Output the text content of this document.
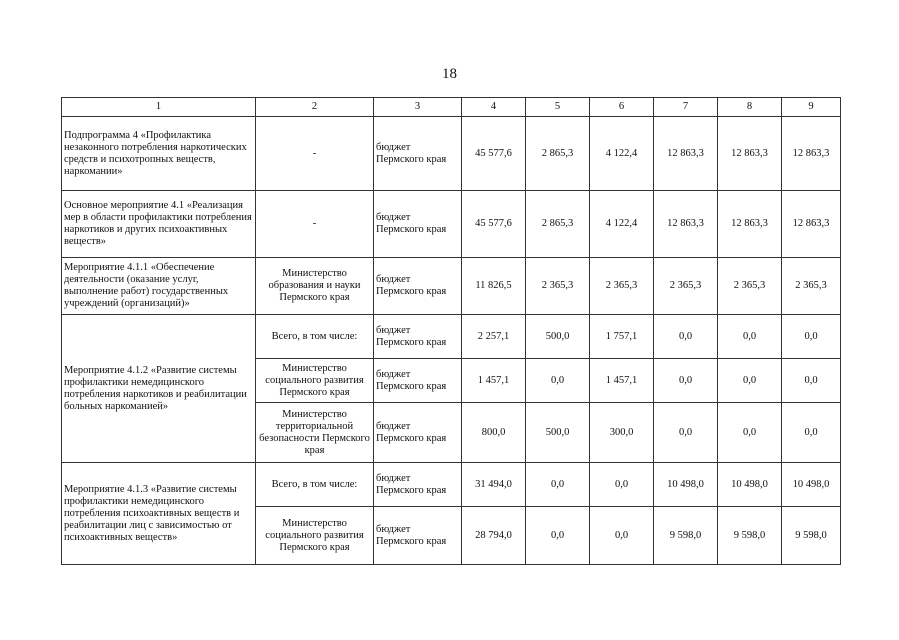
18
1	2	3	4	5	6	7	8	9
Подпрограмма 4 «Профилактика незаконного потребления наркотических средств и психотропных веществ, наркомании»	-	бюджет Пермского края	45 577,6	2 865,3	4 122,4	12 863,3	12 863,3	12 863,3
Основное мероприятие 4.1 «Реализация мер в области профилактики потребления наркотиков и других психоактивных веществ»	-	бюджет Пермского края	45 577,6	2 865,3	4 122,4	12 863,3	12 863,3	12 863,3
Мероприятие 4.1.1 «Обеспечение деятельности (оказание услуг, выполнение работ) государственных учреждений (организаций)»	Министерство образования и науки Пермского края	бюджет Пермского края	11 826,5	2 365,3	2 365,3	2 365,3	2 365,3	2 365,3
Мероприятие 4.1.2 «Развитие системы профилактики немедицинского потребления наркотиков и реабилитации больных наркоманией»	Всего, в том числе:	бюджет Пермского края	2 257,1	500,0	1 757,1	0,0	0,0	0,0
	Министерство социального развития Пермского края	бюджет Пермского края	1 457,1	0,0	1 457,1	0,0	0,0	0,0
	Министерство территориальной безопасности Пермского края	бюджет Пермского края	800,0	500,0	300,0	0,0	0,0	0,0
Мероприятие 4.1.3 «Развитие системы профилактики немедицинского потребления психоактивных веществ и реабилитации лиц с зависимостью от психоактивных веществ»	Всего, в том числе:	бюджет Пермского края	31 494,0	0,0	0,0	10 498,0	10 498,0	10 498,0
	Министерство социального развития Пермского края	бюджет Пермского края	28 794,0	0,0	0,0	9 598,0	9 598,0	9 598,0
